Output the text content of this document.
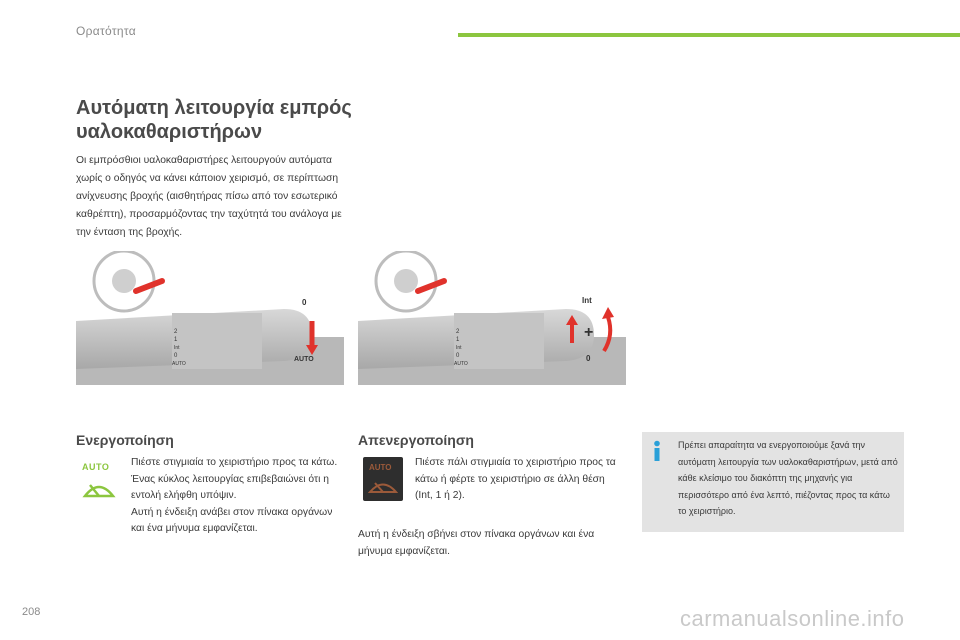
Ορατότητα
Αυτόματη λειτουργία εμπρός υαλοκαθαριστήρων
Οι εμπρόσθιοι υαλοκαθαριστήρες λειτουργούν αυτόματα χωρίς ο οδηγός να κάνει κάποιον χειρισμό, σε περίπτωση ανίχνευσης βροχής (αισθητήρας πίσω από τον εσωτερικό καθρέπτη), προσαρμόζοντας την ταχύτητά του ανάλογα με την ένταση της βροχής.
2
1
Int
0
AUTO
0
AUTO
2
1
Int
0
AUTO
+
Int
0
Ενεργοποίηση
AUTO Πιέστε στιγμιαία το χειριστήριο προς τα κάτω.
Ένας κύκλος λειτουργίας επιβεβαιώνει ότι η εντολή ελήφθη υπόψιν.
Αυτή η ένδειξη ανάβει στον πίνακα οργάνων και ένα μήνυμα εμφανίζεται.
Απενεργοποίηση
AUTO Πιέστε πάλι στιγμιαία το χειριστήριο προς τα κάτω ή φέρτε το χειριστήριο σε άλλη θέση (Int, 1 ή 2).
Αυτή η ένδειξη σβήνει στον πίνακα οργάνων και ένα μήνυμα εμφανίζεται.
Πρέπει απαραίτητα να ενεργοποιούμε ξανά την αυτόματη λειτουργία των υαλοκαθαριστήρων, μετά από κάθε κλείσιμο του διακόπτη της μηχανής για περισσότερο από ένα λεπτό, πιέζοντας προς τα κάτω το χειριστήριο.
208	carmanualsonline.info
